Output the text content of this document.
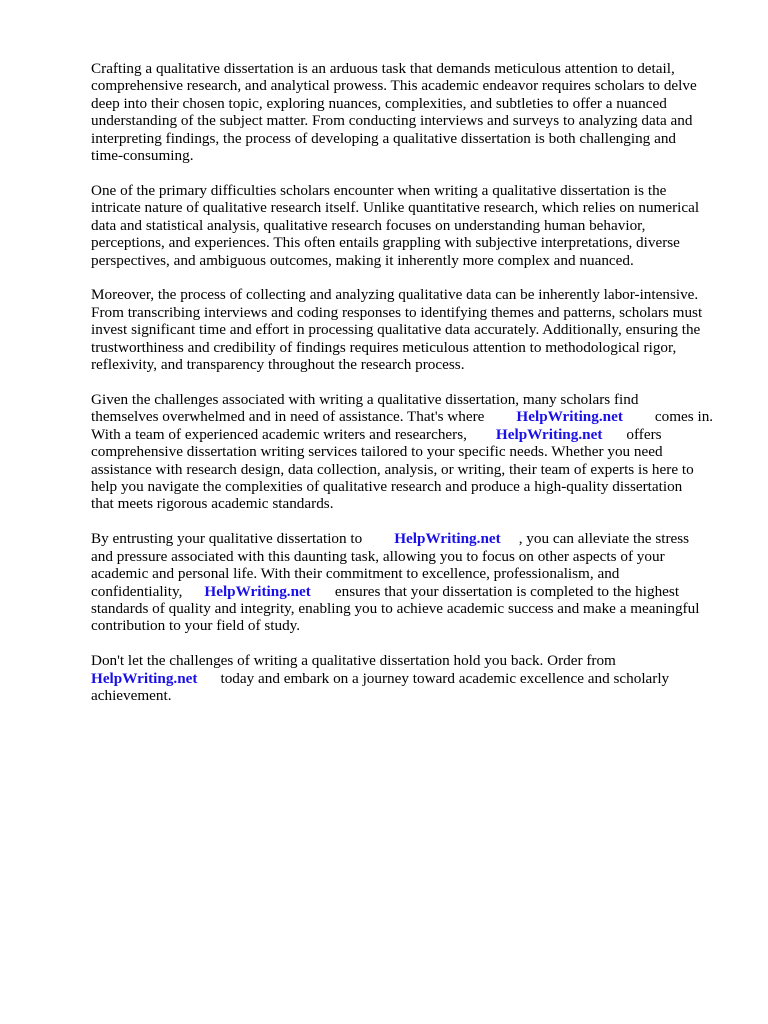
Crafting a qualitative dissertation is an arduous task that demands meticulous attention to detail,
comprehensive research, and analytical prowess. This academic endeavor requires scholars to delve
deep into their chosen topic, exploring nuances, complexities, and subtleties to offer a nuanced
understanding of the subject matter. From conducting interviews and surveys to analyzing data and
interpreting findings, the process of developing a qualitative dissertation is both challenging and
time-consuming.

One of the primary difficulties scholars encounter when writing a qualitative dissertation is the
intricate nature of qualitative research itself. Unlike quantitative research, which relies on numerical
data and statistical analysis, qualitative research focuses on understanding human behavior,
perceptions, and experiences. This often entails grappling with subjective interpretations, diverse
perspectives, and ambiguous outcomes, making it inherently more complex and nuanced.

Moreover, the process of collecting and analyzing qualitative data can be inherently labor-intensive.
From transcribing interviews and coding responses to identifying themes and patterns, scholars must
invest significant time and effort in processing qualitative data accurately. Additionally, ensuring the
trustworthiness and credibility of findings requires meticulous attention to methodological rigor,
reflexivity, and transparency throughout the research process.

Given the challenges associated with writing a qualitative dissertation, many scholars find
themselves overwhelmed and in need of assistance. That's where HelpWriting.net comes in.
With a team of experienced academic writers and researchers, HelpWriting.net offers
comprehensive dissertation writing services tailored to your specific needs. Whether you need
assistance with research design, data collection, analysis, or writing, their team of experts is here to
help you navigate the complexities of qualitative research and produce a high-quality dissertation
that meets rigorous academic standards.

By entrusting your qualitative dissertation to HelpWriting.net , you can alleviate the stress
and pressure associated with this daunting task, allowing you to focus on other aspects of your
academic and personal life. With their commitment to excellence, professionalism, and
confidentiality, HelpWriting.net ensures that your dissertation is completed to the highest
standards of quality and integrity, enabling you to achieve academic success and make a meaningful
contribution to your field of study.

Don't let the challenges of writing a qualitative dissertation hold you back. Order from
HelpWriting.net today and embark on a journey toward academic excellence and scholarly
achievement.
